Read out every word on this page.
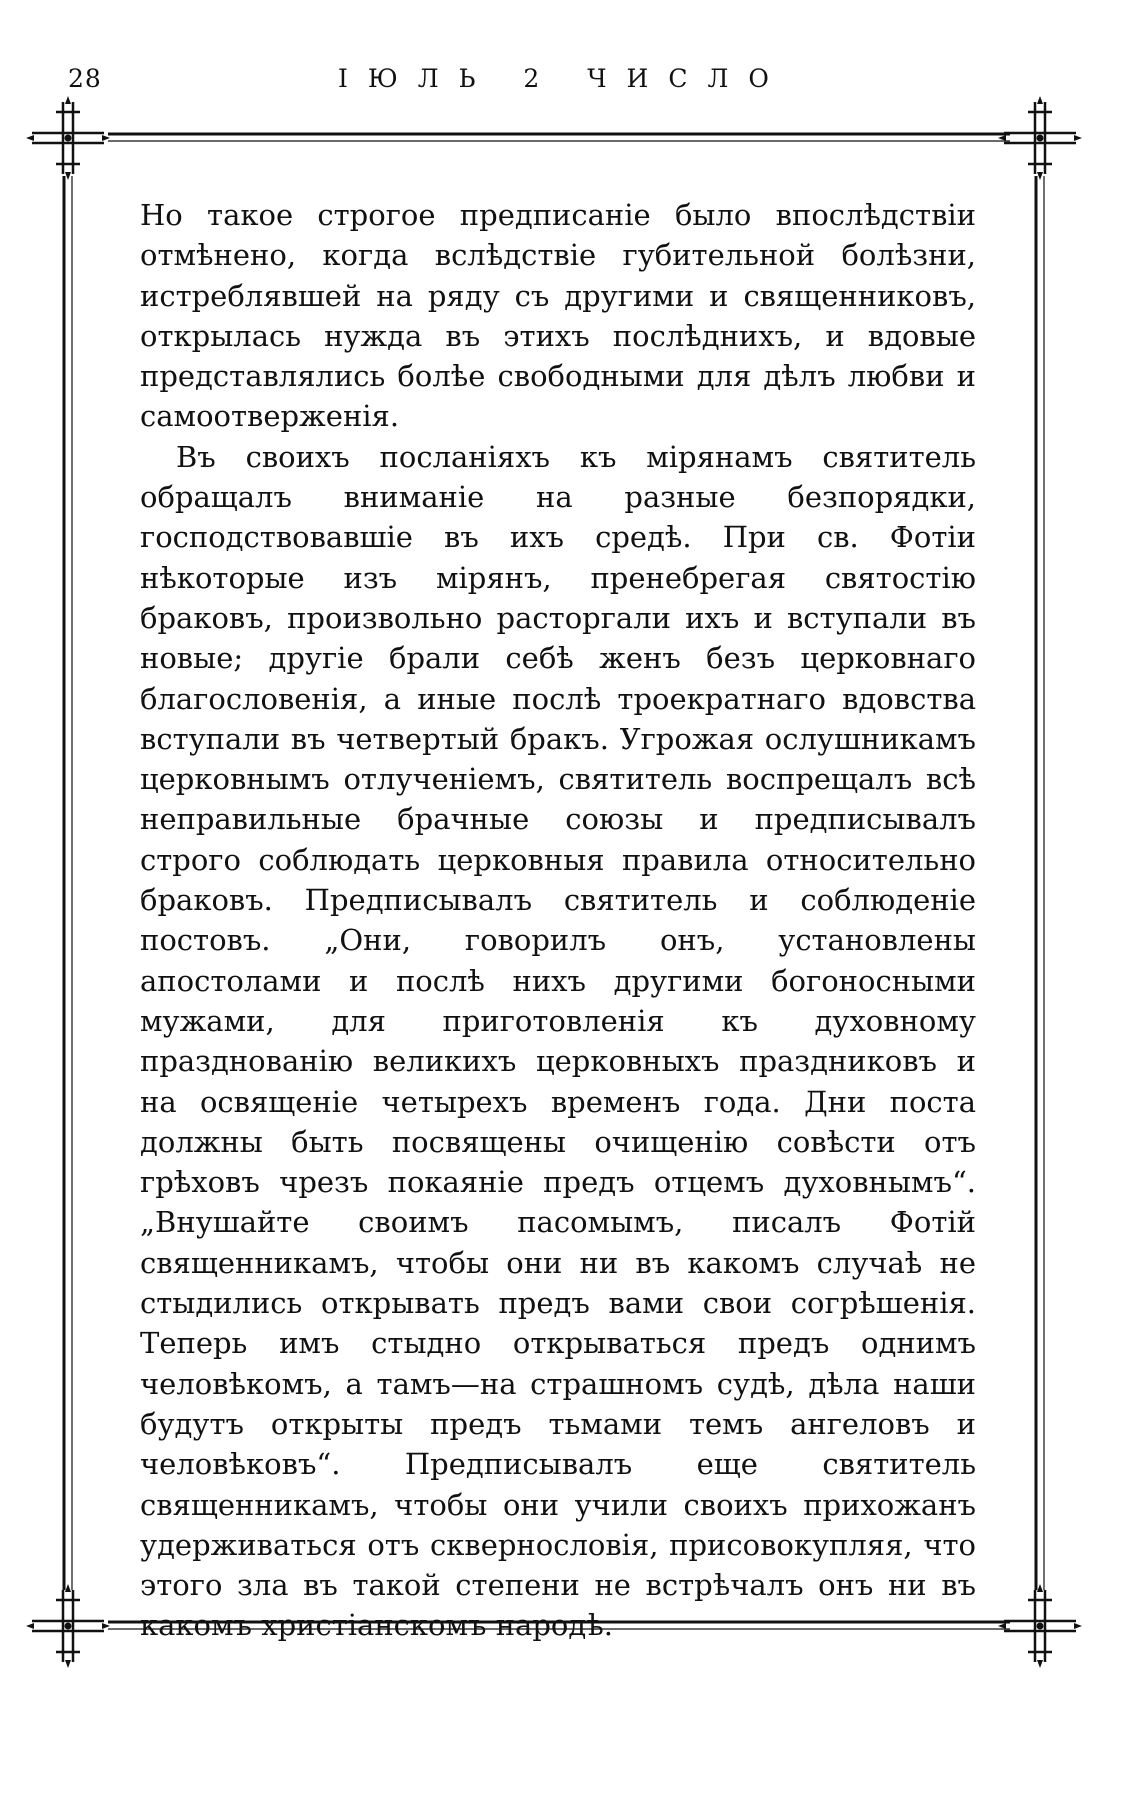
28	ІЮЛЬ 2 ЧИСЛО

Но такое строгое предписаніе было впослѣдствіи отмѣнено, когда вслѣдствіе губительной болѣзни, истреблявшей на ряду съ другими и священниковъ, открылась нужда въ этихъ послѣднихъ, и вдовые представлялись болѣе свободными для дѣлъ любви и самоотверженія.

Въ своихъ посланіяхъ къ мірянамъ святитель обращалъ вниманіе на разные безпорядки, господствовавшіе въ ихъ средѣ. При св. Фотіи нѣкоторые изъ мірянъ, пренебрегая святостію браковъ, произвольно расторгали ихъ и вступали въ новые; другіе брали себѣ женъ безъ церковнаго благословенія, а иные послѣ троекратнаго вдовства вступали въ четвертый бракъ. Угрожая ослушникамъ церковнымъ отлученіемъ, святитель воспрещалъ всѣ неправильные брачные союзы и предписывалъ строго соблюдать церковныя правила относительно браковъ. Предписывалъ святитель и соблюденіе постовъ. „Они, говорилъ онъ, установлены апостолами и послѣ нихъ другими богоносными мужами, для приготовленія къ духовному празднованію великихъ церковныхъ праздниковъ и на освященіе четырехъ временъ года. Дни поста должны быть посвящены очищенію совѣсти отъ грѣховъ чрезъ покаяніе предъ отцемъ духовнымъ“. „Внушайте своимъ пасомымъ, писалъ Фотій священникамъ, чтобы они ни въ какомъ случаѣ не стыдились открывать предъ вами свои согрѣшенія. Теперь имъ стыдно открываться предъ однимъ человѣкомъ, а тамъ—на страшномъ судѣ, дѣла наши будутъ открыты предъ тьмами темъ ангеловъ и человѣковъ“. Предписывалъ еще святитель священникамъ, чтобы они учили своихъ прихожанъ удерживаться отъ сквернословія, присовокупляя, что этого зла въ такой степени не встрѣчалъ онъ ни въ какомъ христіанскомъ народѣ.
